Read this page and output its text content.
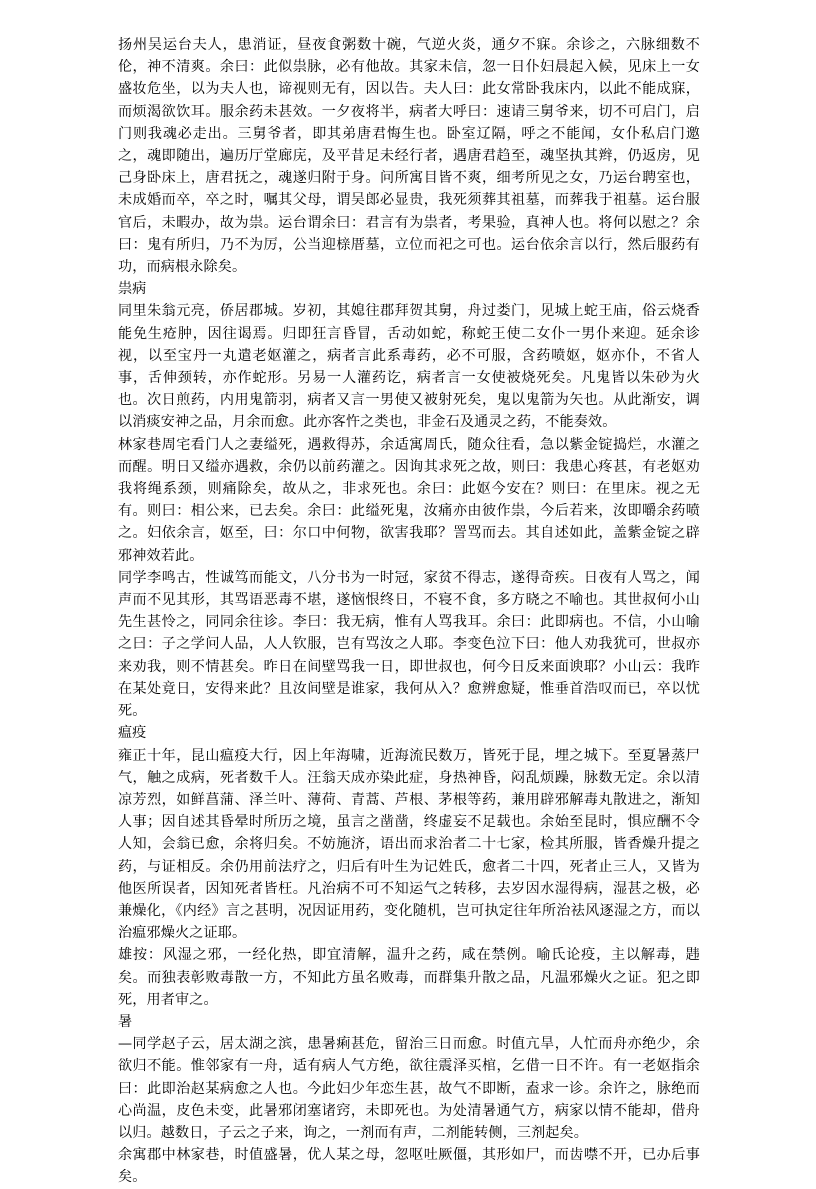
扬州吴运台夫人，患消证，昼夜食粥数十碗，气逆火炎，通夕不寐。余诊之，六脉细数不伦，神不清爽。余曰：此似祟脉，必有他故。其家未信，忽一日仆妇晨起入候，见床上一女盛妆危坐，以为夫人也，谛视则无有，因以告。夫人曰：此女常卧我床内，以此不能成寐，而烦渴欲饮耳。服余药未甚效。一夕夜将半，病者大呼曰：速请三舅爷来，切不可启门，启门则我魂必走出。三舅爷者，即其弟唐君悔生也。卧室辽隔，呼之不能闻，女仆私启门邀之，魂即随出，遍历厅堂廊庑，及平昔足未经行者，遇唐君趋至，魂坚执其辫，仍返房，见己身卧床上，唐君抚之，魂遂归附于身。问所寓目皆不爽，细考所见之女，乃运台聘室也，未成婚而卒，卒之时，嘱其父母，谓吴郎必显贵，我死须葬其祖墓，而葬我于祖墓。运台服官后，未暇办，故为祟。运台谓余曰：君言有为祟者，考果验，真神人也。将何以慰之？余曰：鬼有所归，乃不为厉，公当迎榇厝墓，立位而祀之可也。运台依余言以行，然后服药有功，而病根永除矣。

祟病

同里朱翁元亮，侨居郡城。岁初，其媳往郡拜贺其舅，舟过娄门，见城上蛇王庙，俗云烧香能免生疮肿，因往谒焉。归即狂言昏冒，舌动如蛇，称蛇王使二女仆一男仆来迎。延余诊视，以至宝丹一丸遣老妪灌之，病者言此系毒药，必不可服，含药喷妪，妪亦仆，不省人事，舌伸颈转，亦作蛇形。另易一人灌药讫，病者言一女使被烧死矣。凡鬼皆以朱砂为火也。次日煎药，内用鬼箭羽，病者又言一男使又被射死矣，鬼以鬼箭为矢也。从此渐安，调以消痰安神之品，月余而愈。此亦客忤之类也，非金石及通灵之药，不能奏效。

林家巷周宅看门人之妻缢死，遇救得苏，余适寓周氏，随众往看，急以紫金锭捣烂，水灌之而醒。明日又缢亦遇救，余仍以前药灌之。因询其求死之故，则曰：我患心疼甚，有老妪劝我将绳系颈，则痛除矣，故从之，非求死也。余曰：此妪今安在？则曰：在里床。视之无有。则曰：相公来，已去矣。余曰：此缢死鬼，汝痛亦由彼作祟，今后若来，汝即嚼余药喷之。妇依余言，妪至，曰：尔口中何物，欲害我耶？詈骂而去。其自述如此，盖紫金锭之辟邪神效若此。

同学李鸣古，性诚笃而能文，八分书为一时冠，家贫不得志，遂得奇疾。日夜有人骂之，闻声而不见其形，其骂语恶毒不堪，遂恼恨终日，不寝不食，多方晓之不喻也。其世叔何小山先生甚怜之，同同余往诊。李曰：我无病，惟有人骂我耳。余曰：此即病也。不信，小山喻之曰：子之学问人品，人人钦服，岂有骂汝之人耶。李变色泣下曰：他人劝我犹可，世叔亦来劝我，则不情甚矣。昨日在间壁骂我一日，即世叔也，何今日反来面谀耶？小山云：我昨在某处竟日，安得来此？且汝间壁是谁家，我何从入？愈辨愈疑，惟垂首浩叹而已，卒以忧死。

瘟疫

雍正十年，昆山瘟疫大行，因上年海啸，近海流民数万，皆死于昆，埋之城下。至夏暑蒸尸气，触之成病，死者数千人。汪翁天成亦染此症，身热神昏，闷乱烦躁，脉数无定。余以清凉芳烈，如鲜菖蒲、泽兰叶、薄荷、青蒿、芦根、茅根等药，兼用辟邪解毒丸散进之，渐知人事；因自述其昏晕时所历之境，虽言之凿凿，终虚妄不足载也。余始至昆时，惧应酬不令人知，会翁已愈，余将归矣。不妨施济，语出而求治者二十七家，检其所服，皆香燥升提之药，与证相反。余仍用前法疗之，归后有叶生为记姓氏，愈者二十四，死者止三人，又皆为他医所误者，因知死者皆枉。凡治病不可不知运气之转移，去岁因水湿得病，湿甚之极，必兼燥化，《内经》言之甚明，况因证用药，变化随机，岂可执定往年所治祛风逐湿之方，而以治瘟邪燥火之证耶。

雄按：风湿之邪，一经化热，即宜清解，温升之药，咸在禁例。喻氏论疫，主以解毒，韪矣。而独表彰败毒散一方，不知此方虽名败毒，而群集升散之品，凡温邪燥火之证。犯之即死，用者审之。

暑

—同学赵子云，居太湖之滨，患暑痢甚危，留治三日而愈。时值亢旱，人忙而舟亦绝少，余欲归不能。惟邻家有一舟，适有病人气方绝，欲往震泽买棺，乞借一日不许。有一老妪指余曰：此即治赵某病愈之人也。今此妇少年恋生甚，故气不即断，盍求一诊。余许之，脉绝而心尚温，皮色未变，此暑邪闭塞诸窍，未即死也。为处清暑通气方，病家以情不能却，借舟以归。越数日，子云之子来，询之，一剂而有声，二剂能转侧，三剂起矣。

余寓郡中林家巷，时值盛暑，优人某之母，忽呕吐厥僵，其形如尸，而齿噤不开，已办后事矣。
